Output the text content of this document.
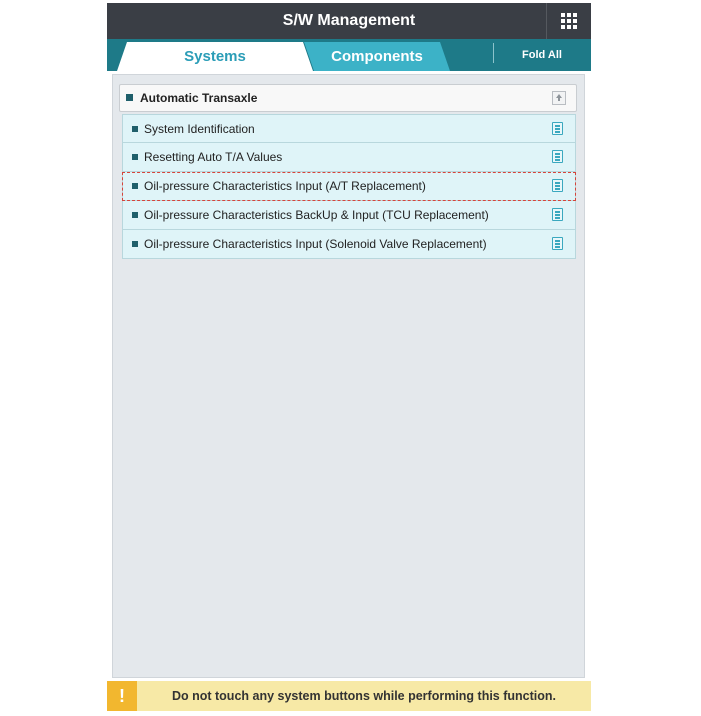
S/W Management
Systems	Components	Fold All
Automatic Transaxle
System Identification
Resetting Auto T/A Values
Oil-pressure Characteristics Input (A/T Replacement)
Oil-pressure Characteristics BackUp & Input (TCU Replacement)
Oil-pressure Characteristics Input (Solenoid Valve Replacement)
!	Do not touch any system buttons while performing this function.
